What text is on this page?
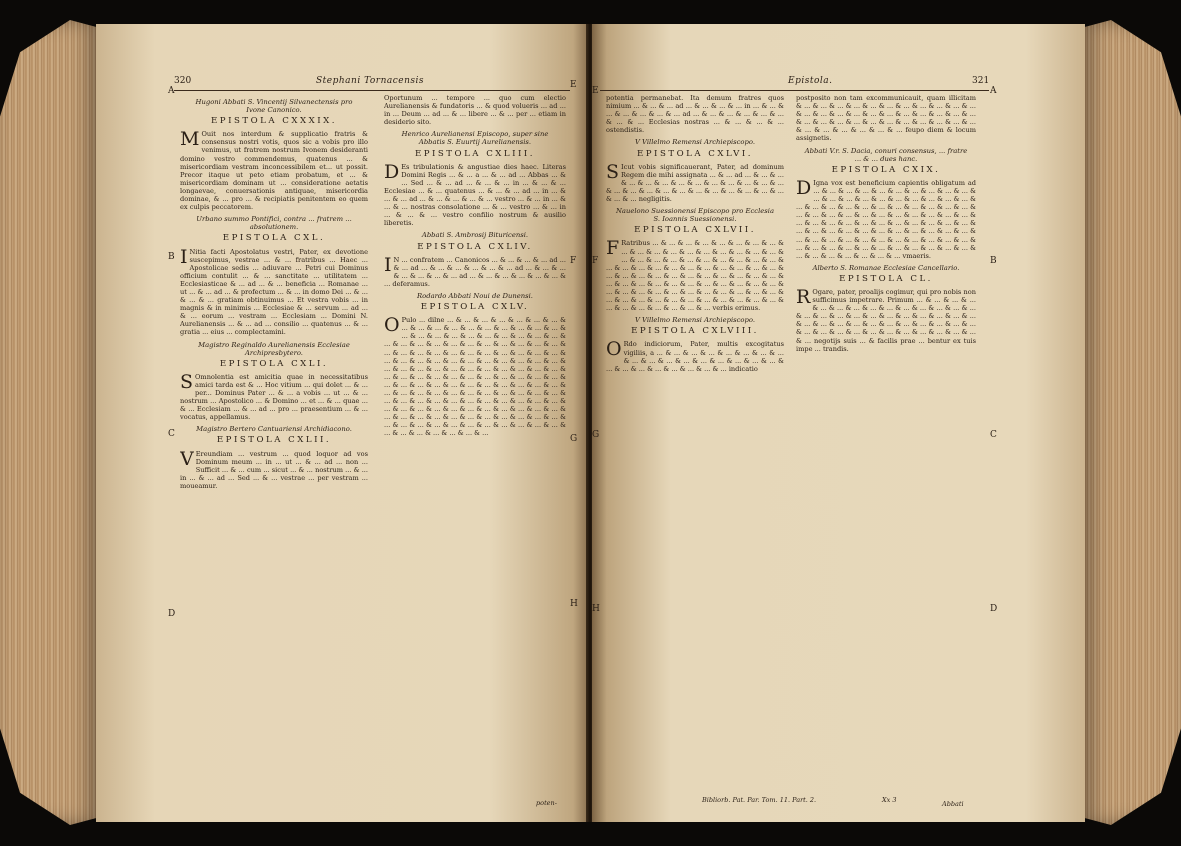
320	Stephani Tornacensis
Hugoni Abbati S. Vincentij Silvanectensis pro Ivone Canonico.
EPISTOLA CXXXIX.

MOuit nos interdum & supplicatio fratris & consensus nostri votis, quos sic a vobis pro illo venimus, ut fratrem nostrum Ivonem desideranti domino vestro commendemus, quatenus ... & misericordiam vestram inconcessibilem et... ut possit. Precor itaque ut peto etiam probatum, et ... & misericordiam dominam ut ... consideratione aetatis longaevae, conuersationis antiquae, misericordia dominae, & ... pro ... & recipiatis penitentem eo quem ex culpis peccatorem.

Urbano summo Pontifici, contra ... fratrem ... absolutionem.
EPISTOLA CXL.

INitia facti Apostolatus vestri, Pater, ex devotione suscepimus, vestrae ... & ... fratribus ... Haec ... Apostolicae sedis ... adiuvare ... Petri cui Dominus officium contulit ... & ... sanctitate ... utilitatem ... Ecclesiasticae & ... ad ... & ... beneficia ... Romanae ... ut ... & ... ad ... & profectum ... & ... in domo Dei ... & ... & ... & ... gratiam obtinuimus ... Et vestra vobis ... in magnis & in minimis ... Ecclesiae & ... servum ... ad ... & ... eorum ... vestram ... Ecclesiam ... Domini N. Aurelianensis ... & ... ad ... consilio ... quatenus ... & ... gratia ... eius ... complectamini.

Magistro Reginaldo Aurelianensis Ecclesiae Archipresbytero.
EPISTOLA CXLI.

SOmnolentia est amicitia quae in necessitatibus amici tarda est & ... Hoc vitium ... qui dolet ... & ... per... Dominus Pater ... & ... a vobis ... ut ... & ... nostrum ... Apostolico ... & Domino ... et ... & ... quae ... & ... Ecclesiam ... & ... ad ... pro ... praesentium ... & ... vocatus, appellamus.

Magistro Bertero Cantuariensi Archidiacono.
EPISTOLA CXLII.

VEreundiam ... vestrum ... quod loquor ad vos Dominum meum ... in ... ut ... & ... ad ... non ... Sufficit ... & ... cum ... sicut ... & ... nostrum ... & ... in ... & ... ad ... Sed ... & ... vestrae ... per vestram ... moueamur.

Oportunum ... tempore ... quo cum electio Aurelianensis & fundatoris ... & quod volueris ... ad ... in ... Deum ... ad ... & ... libere ... & ... per ... etiam in desiderio sito.

Henrico Aurelianensi Episcopo, super sine Abbatis S. Euurtij Aurelianensis.
EPISTOLA CXLIII.

DEs tribulationis & angustiae dies haec. Literas Domini Regis ... & ... a ... & ... ad ... Abbas ... & ... Sed ... & ... ad ... & ... & ... in ... & ... & ... Ecclesiae ... & ... quatenus ... & ... & ... ad ... in ... & ... & ... ad ... & ... & ... & ... & ... vestro ... & ... in ... & ... & ... nostras consolatione ... & ... vestro ... & ... in ... & ... & ... vestro confilio nostrum & ausilio liberetis.

Abbati S. Ambrosij Bituricensi.
EPISTOLA CXLIV.

IN ... confratem ... Canonicos ... & ... & ... & ... ad ... & ... ad ... & ... & ... & ... & ... & ... ad ... & ... & ... & ... & ... & ... & ... ad ... & ... & ... & ... & ... & ... & ... deferamus.

Rodardo Abbati Noui de Dunensi.
EPISTOLA CXLV.

OPulo ... dilne ... & ... & ... & ... & ... & ... & ... & ... & ... & ... & ... & ... & ... & ... & ... & ... & ... & ... & ... & ... & ... & ... & ... & ... & ... & ... & ... & ... & ... & ... & ... & ... & ... & ... & ... & ... & ... & ... & ... & ... & ... & ... & ... & ... & ... & ... & ... & ... & ... & ... & ... & ... & ... & ... & ... & ... & ... & ... & ... & ... & ... & ... & ... & ... & ... & ... & ... & ... & ... & ... & ... & ... & ... & ... & ... & ... & ... & ... & ... & ... & ... & ... & ... & ... & ... & ... & ... & ... & ... & ... & ... & ... & ... & ... & ... & ... & ... & ... & ... & ... & ... & ... & ... & ... & ... & ... & ... & ... & ... & ... & ... & ... & ... & ... & ... & ... & ... & ... & ... & ... & ... & ... & ... & ... & ... & ... & ... & ... & ... & ... & ... & ... & ... & ... & ... & ... & ... & ... & ... & ... & ... & ... & ... & ... & ... & ... & ... & ... & ... & ... & ... & ... & ... & ... & ...

poten-
A
B
C
D
E
F
G
H
Epistola.	321

potentia permanebat. Ita demum fratres quos nimium ... & ... & ... ad ... & ... & ... & ... in ... & ... & ... & ... & ... & ... & ... ad ... & ... & ... & ... & ... & ... & ... & ... Ecclesias nostras ... & ... & ... & ... ostendistis.

V Villelmo Remensi Archiepiscopo.
EPISTOLA CXLVI.

SIcut vobis significauerant, Pater, ad dominum Regem die mihi assignata ... & ... ad ... & ... & ... & ... & ... & ... & ... & ... & ... & ... & ... & ... & ... & ... & ... & ... & ... & ... & ... & ... & ... & ... & ... & ... & ... & ... negligitis.

Nauelono Suessionensi Episcopo pro Ecclesia S. Ioannis Suessionensi.
EPISTOLA CXLVII.

FRatribus ... & ... & ... & ... & ... & ... & ... & ... & ... & ... & ... & ... & ... & ... & ... & ... & ... & ... & ... & ... & ... & ... & ... & ... & ... & ... & ... & ... & ... & ... & ... & ... & ... & ... & ... & ... & ... & ... & ... & ... & ... & ... & ... & ... & ... & ... & ... & ... & ... & ... & ... & ... & ... & ... & ... & ... & ... & ... & ... & ... & ... & ... & ... & ... & ... & ... & ... & ... & ... & ... & ... & ... & ... & ... & ... & ... & ... & ... & ... & ... & ... & ... & ... & ... & ... & ... & ... & ... & ... & ... verbis erimus.

V Villelmo Remensi Archiepiscopo.
EPISTOLA CXLVIII.

ORdo indiciorum, Pater, multis excogitatus vigiliis, a ... & ... & ... & ... & ... & ... & ... & ... & ... & ... & ... & ... & ... & ... & ... & ... & ... & ... & ... & ... & ... & ... & ... & ... & ... indicatio

postposito non tam excommunicauit, quam illicitam & ... & ... & ... & ... & ... & ... & ... & ... & ... & ... & ... & ... & ... & ... & ... & ... & ... & ... & ... & ... & ... & ... & ... & ... & ... & ... & ... & ... & ... & ... & ... & ... & ... & ... & ... & ... & ... & ... & ... feupo diem & locum assignetis.

Abbati V.r. S. Dacia, conuri consensus, ... fratre ... & ... dues hanc.
EPISTOLA CXIX.

DIgna vox est beneficium capientis obligatum ad ... & ... & ... & ... & ... & ... & ... & ... & ... & ... & ... & ... & ... & ... & ... & ... & ... & ... & ... & ... & ... & ... & ... & ... & ... & ... & ... & ... & ... & ... & ... & ... & ... & ... & ... & ... & ... & ... & ... & ... & ... & ... & ... & ... & ... & ... & ... & ... & ... & ... & ... & ... & ... & ... & ... & ... & ... & ... & ... & ... & ... & ... & ... & ... & ... & ... & ... & ... & ... & ... & ... & ... & ... & ... & ... & ... & ... & ... & ... & ... & ... & ... & ... & ... & ... & ... & ... & ... & ... & ... & ... & ... & ... vmaeris.

Alberto S. Romanae Ecclesiae Cancellario.
EPISTOLA CL.

ROgare, pater, proalijs cogimur, qui pro nobis non sufficimus impetrare. Primum ... & ... & ... & ... & ... & ... & ... & ... & ... & ... & ... & ... & ... & ... & ... & ... & ... & ... & ... & ... & ... & ... & ... & ... & ... & ... & ... & ... & ... & ... & ... & ... & ... & ... & ... & ... & ... & ... & ... & ... & ... & ... & ... & ... & ... & ... & ... & ... negotijs suis ... & facilis prae ... bentur ex tuis impe ... trandis.

Bibliorb. Pat. Par. Tom. 11. Part. 2.	Xx 3	Abbati
E
F
G
H
A
B
C
D
